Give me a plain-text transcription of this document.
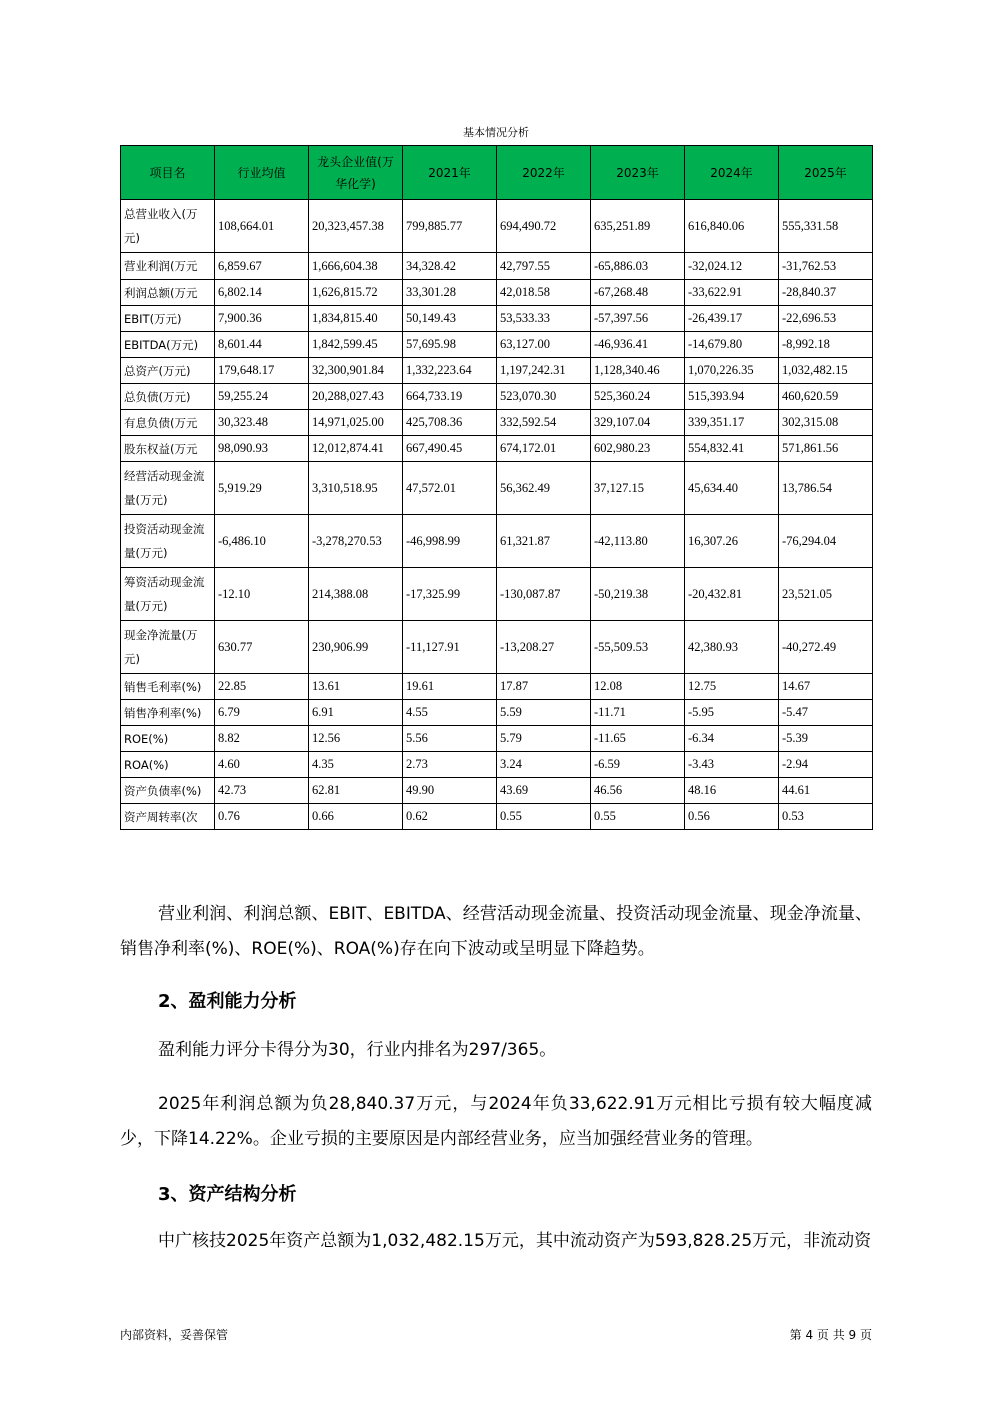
基本情况分析
项目名	行业均值	龙头企业值(万华化学)	2021年	2022年	2023年	2024年	2025年
总营业收入(万元)	108,664.01	20,323,457.38	799,885.77	694,490.72	635,251.89	616,840.06	555,331.58
营业利润(万元	6,859.67	1,666,604.38	34,328.42	42,797.55	-65,886.03	-32,024.12	-31,762.53
利润总额(万元	6,802.14	1,626,815.72	33,301.28	42,018.58	-67,268.48	-33,622.91	-28,840.37
EBIT(万元)	7,900.36	1,834,815.40	50,149.43	53,533.33	-57,397.56	-26,439.17	-22,696.53
EBITDA(万元)	8,601.44	1,842,599.45	57,695.98	63,127.00	-46,936.41	-14,679.80	-8,992.18
总资产(万元)	179,648.17	32,300,901.84	1,332,223.64	1,197,242.31	1,128,340.46	1,070,226.35	1,032,482.15
总负债(万元)	59,255.24	20,288,027.43	664,733.19	523,070.30	525,360.24	515,393.94	460,620.59
有息负债(万元	30,323.48	14,971,025.00	425,708.36	332,592.54	329,107.04	339,351.17	302,315.08
股东权益(万元	98,090.93	12,012,874.41	667,490.45	674,172.01	602,980.23	554,832.41	571,861.56
经营活动现金流量(万元)	5,919.29	3,310,518.95	47,572.01	56,362.49	37,127.15	45,634.40	13,786.54
投资活动现金流量(万元)	-6,486.10	-3,278,270.53	-46,998.99	61,321.87	-42,113.80	16,307.26	-76,294.04
筹资活动现金流量(万元)	-12.10	214,388.08	-17,325.99	-130,087.87	-50,219.38	-20,432.81	23,521.05
现金净流量(万元)	630.77	230,906.99	-11,127.91	-13,208.27	-55,509.53	42,380.93	-40,272.49
销售毛利率(%)	22.85	13.61	19.61	17.87	12.08	12.75	14.67
销售净利率(%)	6.79	6.91	4.55	5.59	-11.71	-5.95	-5.47
ROE(%)	8.82	12.56	5.56	5.79	-11.65	-6.34	-5.39
ROA(%)	4.60	4.35	2.73	3.24	-6.59	-3.43	-2.94
资产负债率(%)	42.73	62.81	49.90	43.69	46.56	48.16	44.61
资产周转率(次	0.76	0.66	0.62	0.55	0.55	0.56	0.53
营业利润、利润总额、EBIT、EBITDA、经营活动现金流量、投资活动现金流量、现金净流量、销售净利率(%)、ROE(%)、ROA(%)存在向下波动或呈明显下降趋势。
2、盈利能力分析
盈利能力评分卡得分为30，行业内排名为297/365。
2025年利润总额为负28,840.37万元，与2024年负33,622.91万元相比亏损有较大幅度减少，下降14.22%。企业亏损的主要原因是内部经营业务，应当加强经营业务的管理。
3、资产结构分析
中广核技2025年资产总额为1,032,482.15万元，其中流动资产为593,828.25万元，非流动资
内部资料，妥善保管	第 4 页 共 9 页
